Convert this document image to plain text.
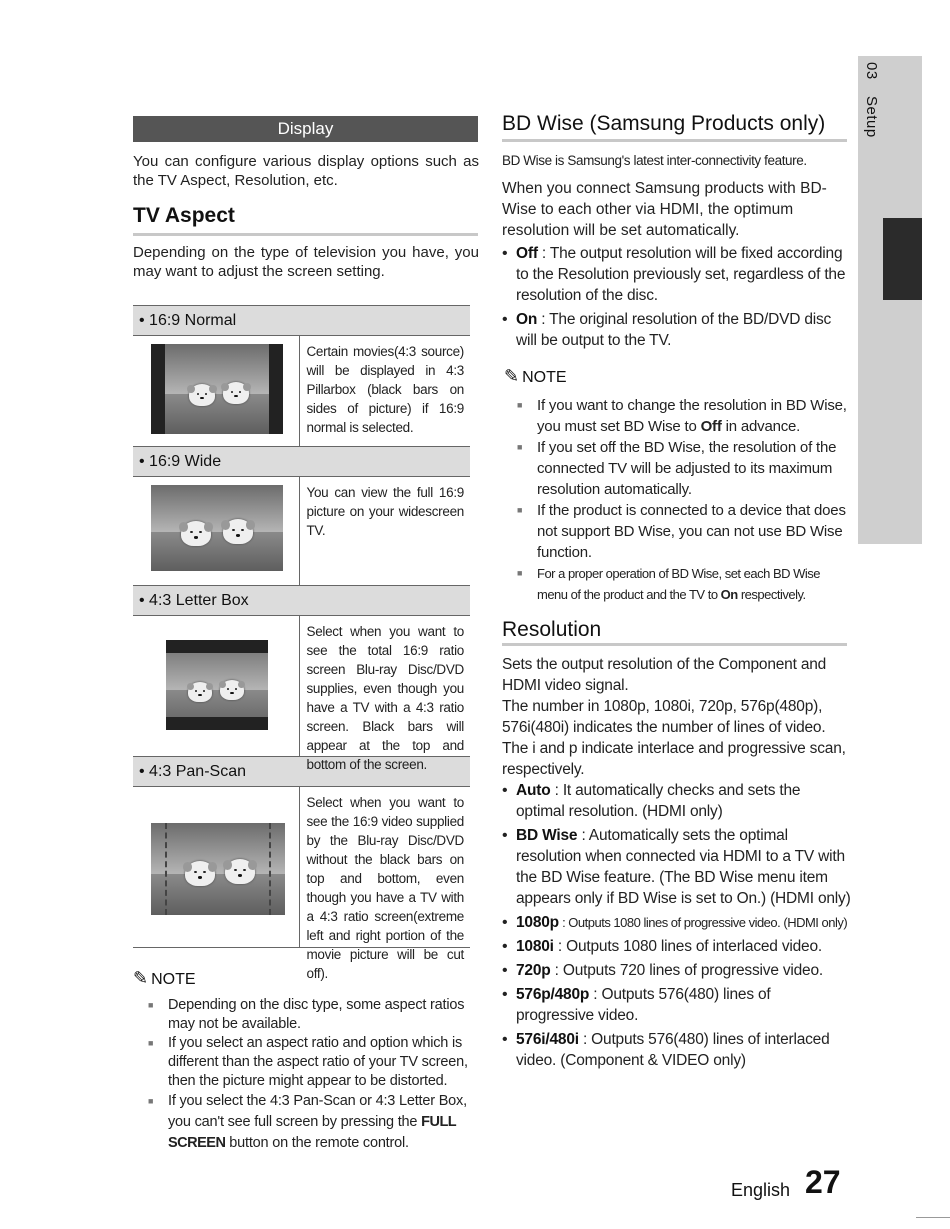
03 Setup
Display
You can configure various display options such as the TV Aspect, Resolution, etc.
TV Aspect
Depending on the type of television you have, you may want to adjust the screen setting.
• 16:9 Normal
Certain movies(4:3 source) will be displayed in 4:3 Pillarbox (black bars on sides of picture) if 16:9 normal is selected.
• 16:9 Wide
You can view the full 16:9 picture on your widescreen TV.
• 4:3 Letter Box
Select when you want to see the total 16:9 ratio screen Blu-ray Disc/DVD supplies, even though you have a TV with a 4:3 ratio screen. Black bars will appear at the top and bottom of the screen.
• 4:3 Pan-Scan
Select when you want to see the 16:9 video supplied by the Blu-ray Disc/DVD without the black bars on top and bottom, even though you have a TV with a 4:3 ratio screen(extreme left and right portion of the movie picture will be cut off).
✎ NOTE
■ Depending on the disc type, some aspect ratios may not be available.
■ If you select an aspect ratio and option which is different than the aspect ratio of your TV screen, then the picture might appear to be distorted.
■ If you select the 4:3 Pan-Scan or 4:3 Letter Box, you can't see full screen by pressing the FULL SCREEN button on the remote control.
BD Wise (Samsung Products only)
BD Wise is Samsung's latest inter-connectivity feature.
When you connect Samsung products with BD-Wise to each other via HDMI, the optimum resolution will be set automatically.
• Off : The output resolution will be fixed according to the Resolution previously set, regardless of the resolution of the disc.
• On : The original resolution of the BD/DVD disc will be output to the TV.
✎ NOTE
■ If you want to change the resolution in BD Wise, you must set BD Wise to Off in advance.
■ If you set off the BD Wise, the resolution of the connected TV will be adjusted to its maximum resolution automatically.
■ If the product is connected to a device that does not support BD Wise, you can not use BD Wise function.
■ For a proper operation of BD Wise, set each BD Wise menu of the product and the TV to On respectively.
Resolution
Sets the output resolution of the Component and HDMI video signal.
The number in 1080p, 1080i, 720p, 576p(480p), 576i(480i) indicates the number of lines of video. The i and p indicate interlace and progressive scan, respectively.
• Auto : It automatically checks and sets the optimal resolution. (HDMI only)
• BD Wise : Automatically sets the optimal resolution when connected via HDMI to a TV with the BD Wise feature. (The BD Wise menu item appears only if BD Wise is set to On.) (HDMI only)
• 1080p : Outputs 1080 lines of progressive video. (HDMI only)
• 1080i : Outputs 1080 lines of interlaced video.
• 720p : Outputs 720 lines of progressive video.
• 576p/480p : Outputs 576(480) lines of progressive video.
• 576i/480i : Outputs 576(480) lines of interlaced video. (Component & VIDEO only)
English 27
